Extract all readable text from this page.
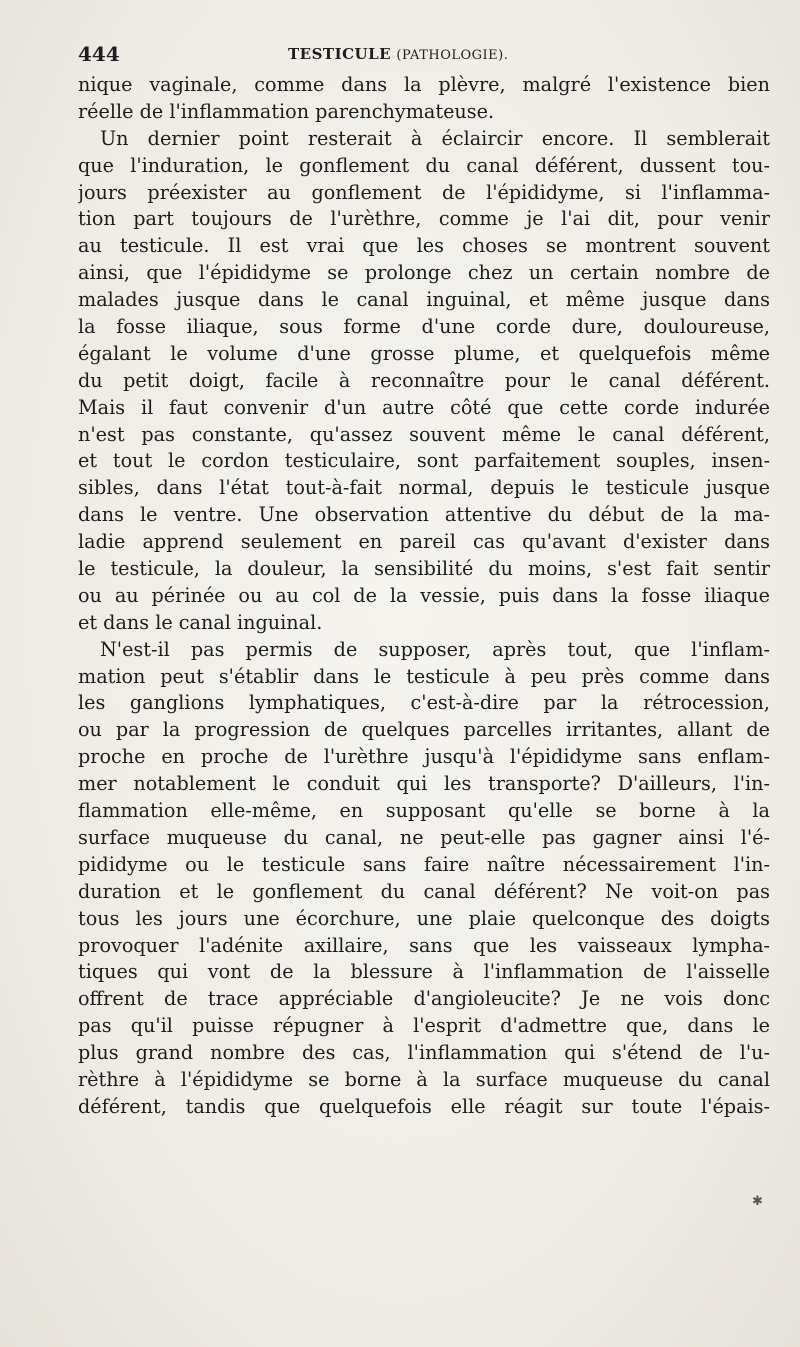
444	TESTICULE (PATHOLOGIE).
nique vaginale, comme dans la plèvre, malgré l'existence bien
réelle de l'inflammation parenchymateuse.
Un dernier point resterait à éclaircir encore. Il semblerait
que l'induration, le gonflement du canal déférent, dussent tou-
jours préexister au gonflement de l'épididyme, si l'inflamma-
tion part toujours de l'urèthre, comme je l'ai dit, pour venir
au testicule. Il est vrai que les choses se montrent souvent
ainsi, que l'épididyme se prolonge chez un certain nombre de
malades jusque dans le canal inguinal, et même jusque dans
la fosse iliaque, sous forme d'une corde dure, douloureuse,
égalant le volume d'une grosse plume, et quelquefois même
du petit doigt, facile à reconnaître pour le canal déférent.
Mais il faut convenir d'un autre côté que cette corde indurée
n'est pas constante, qu'assez souvent même le canal déférent,
et tout le cordon testiculaire, sont parfaitement souples, insen-
sibles, dans l'état tout-à-fait normal, depuis le testicule jusque
dans le ventre. Une observation attentive du début de la ma-
ladie apprend seulement en pareil cas qu'avant d'exister dans
le testicule, la douleur, la sensibilité du moins, s'est fait sentir
ou au périnée ou au col de la vessie, puis dans la fosse iliaque
et dans le canal inguinal.
N'est-il pas permis de supposer, après tout, que l'inflam-
mation peut s'établir dans le testicule à peu près comme dans
les ganglions lymphatiques, c'est-à-dire par la rétrocession,
ou par la progression de quelques parcelles irritantes, allant de
proche en proche de l'urèthre jusqu'à l'épididyme sans enflam-
mer notablement le conduit qui les transporte? D'ailleurs, l'in-
flammation elle-même, en supposant qu'elle se borne à la
surface muqueuse du canal, ne peut-elle pas gagner ainsi l'é-
pididyme ou le testicule sans faire naître nécessairement l'in-
duration et le gonflement du canal déférent? Ne voit-on pas
tous les jours une écorchure, une plaie quelconque des doigts
provoquer l'adénite axillaire, sans que les vaisseaux lympha-
tiques qui vont de la blessure à l'inflammation de l'aisselle
offrent de trace appréciable d'angioleucite? Je ne vois donc
pas qu'il puisse répugner à l'esprit d'admettre que, dans le
plus grand nombre des cas, l'inflammation qui s'étend de l'u-
rèthre à l'épididyme se borne à la surface muqueuse du canal
déférent, tandis que quelquefois elle réagit sur toute l'épais-
✱
